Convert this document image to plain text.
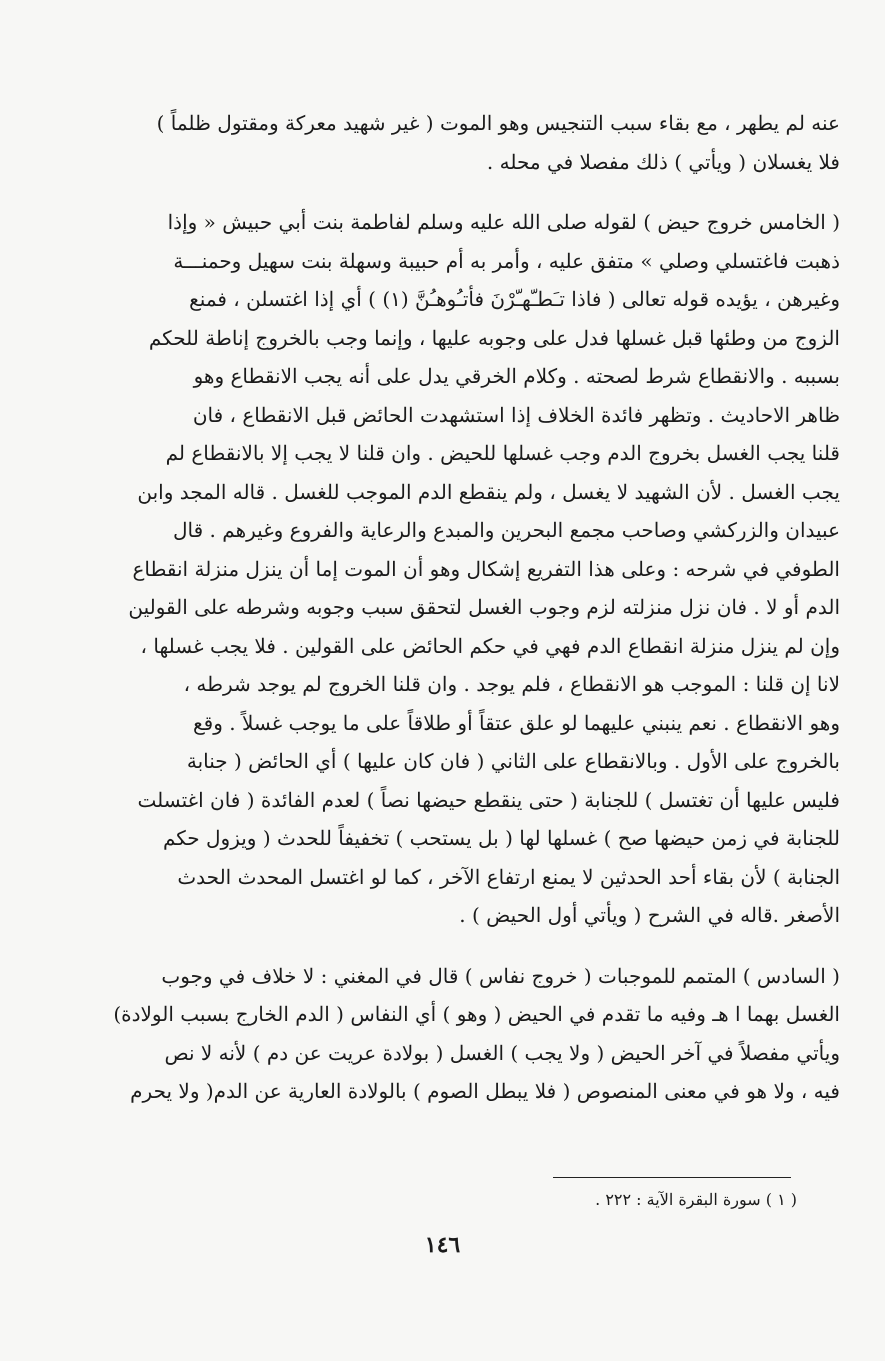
عنه لم يطهر ، مع بقاء سبب التنجيس وهو الموت ( غير شهيد معركة ومقتول ظلماً )
فلا يغسلان ( ويأتي ) ذلك مفصلا في محله .
( الخامس خروج حيض ) لقوله صلى الله عليه وسلم لفاطمة بنت أبي حبيش « وإذا
ذهبت فاغتسلي وصلي » متفق عليه ، وأمر به أم حبيبة وسهلة بنت سهيل وحمنـــة
وغيرهن ، يؤيده قوله تعالى ( فاذا تـَطـّهـّرْنَ فأتـُوهـُنَّ (١) ) أي إذا اغتسلن ، فمنع
الزوج من وطئها قبل غسلها فدل على وجوبه عليها ، وإنما وجب بالخروج إناطة للحكم
بسببه . والانقطاع شرط لصحته . وكلام الخرقي يدل على أنه يجب الانقطاع وهو
ظاهر الاحاديث . وتظهر فائدة الخلاف إذا استشهدت الحائض قبل الانقطاع ، فان
قلنا يجب الغسل بخروج الدم وجب غسلها للحيض . وان قلنا لا يجب إلا بالانقطاع لم
يجب الغسل . لأن الشهيد لا يغسل ، ولم ينقطع الدم الموجب للغسل . قاله المجد وابن
عبيدان والزركشي وصاحب مجمع البحرين والمبدع والرعاية والفروع وغيرهم . قال
الطوفي في شرحه : وعلى هذا التفريع إشكال وهو أن الموت إما أن ينزل منزلة انقطاع
الدم أو لا . فان نزل منزلته لزم وجوب الغسل لتحقق سبب وجوبه وشرطه على القولين
وإن لم ينزل منزلة انقطاع الدم فهي في حكم الحائض على القولين . فلا يجب غسلها ،
لانا إن قلنا : الموجب هو الانقطاع ، فلم يوجد . وان قلنا الخروج لم يوجد شرطه ،
وهو الانقطاع . نعم ينبني عليهما لو علق عتقاً أو طلاقاً على ما يوجب غسلاً . وقع
بالخروج على الأول . وبالانقطاع على الثاني ( فان كان عليها ) أي الحائض ( جنابة
فليس عليها أن تغتسل ) للجنابة ( حتى ينقطع حيضها نصاً ) لعدم الفائدة ( فان اغتسلت
للجنابة في زمن حيضها صح ) غسلها لها ( بل يستحب ) تخفيفاً للحدث ( ويزول حكم
الجنابة ) لأن بقاء أحد الحدثين لا يمنع ارتفاع الآخر ، كما لو اغتسل المحدث الحدث
الأصغر .قاله في الشرح ( ويأتي أول الحيض ) .
( السادس ) المتمم للموجبات ( خروج نفاس ) قال في المغني : لا خلاف في وجوب
الغسل بهما ا هـ وفيه ما تقدم في الحيض ( وهو ) أي النفاس ( الدم الخارج بسبب الولادة)
ويأتي مفصلاً في آخر الحيض ( ولا يجب ) الغسل ( بولادة عريت عن دم ) لأنه لا نص
فيه ، ولا هو في معنى المنصوص ( فلا يبطل الصوم ) بالولادة العارية عن الدم( ولا يحرم
( ١ ) سورة البقرة الآية : ٢٢٢ .
١٤٦
